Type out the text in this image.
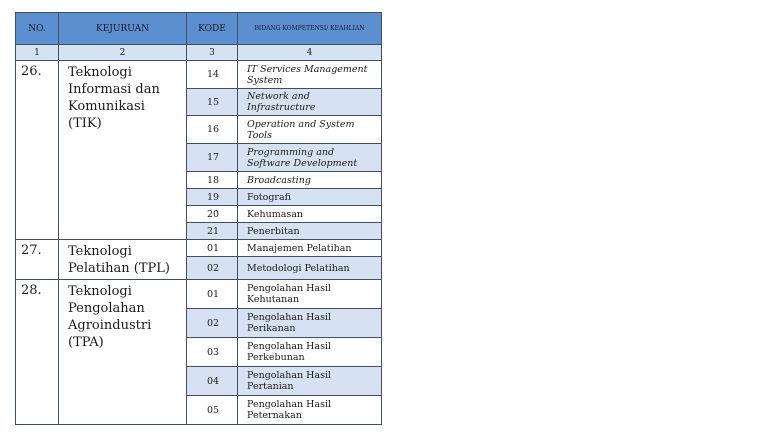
NO.	KEJURUAN	KODE	BIDANG KOMPETENSI/ KEAHLIAN
1	2	3	4
26.	Teknologi Informasi dan Komunikasi (TIK)	14	IT Services Management System
		15	Network and Infrastructure
		16	Operation and System Tools
		17	Programming and Software Development
		18	Broadcasting
		19	Fotografi
		20	Kehumasan
		21	Penerbitan
27.	Teknologi Pelatihan (TPL)	01	Manajemen Pelatihan
		02	Metodologi Pelatihan
28.	Teknologi Pengolahan Agroindustri (TPA)	01	Pengolahan Hasil Kehutanan
		02	Pengolahan Hasil Perikanan
		03	Pengolahan Hasil Perkebunan
		04	Pengolahan Hasil Pertanian
		05	Pengolahan Hasil Peternakan
